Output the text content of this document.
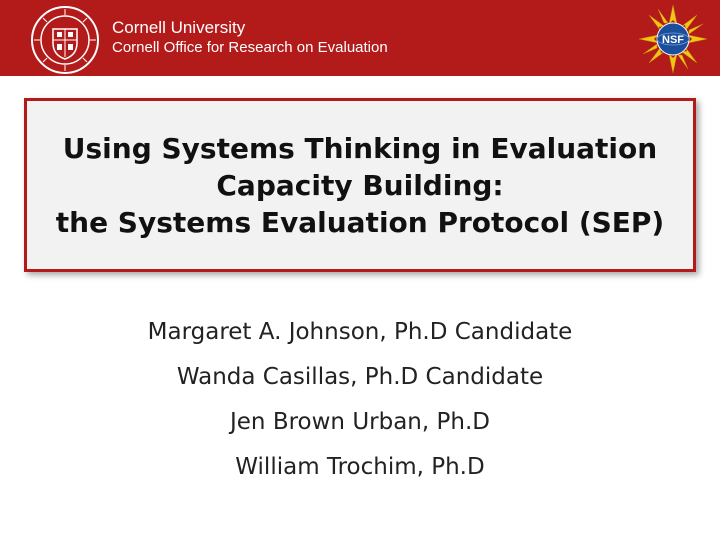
Cornell University
Cornell Office for Research on Evaluation	NSF
Using Systems Thinking in Evaluation
Capacity Building:
the Systems Evaluation Protocol (SEP)
Margaret A. Johnson, Ph.D Candidate
Wanda Casillas, Ph.D Candidate
Jen Brown Urban, Ph.D
William Trochim, Ph.D
